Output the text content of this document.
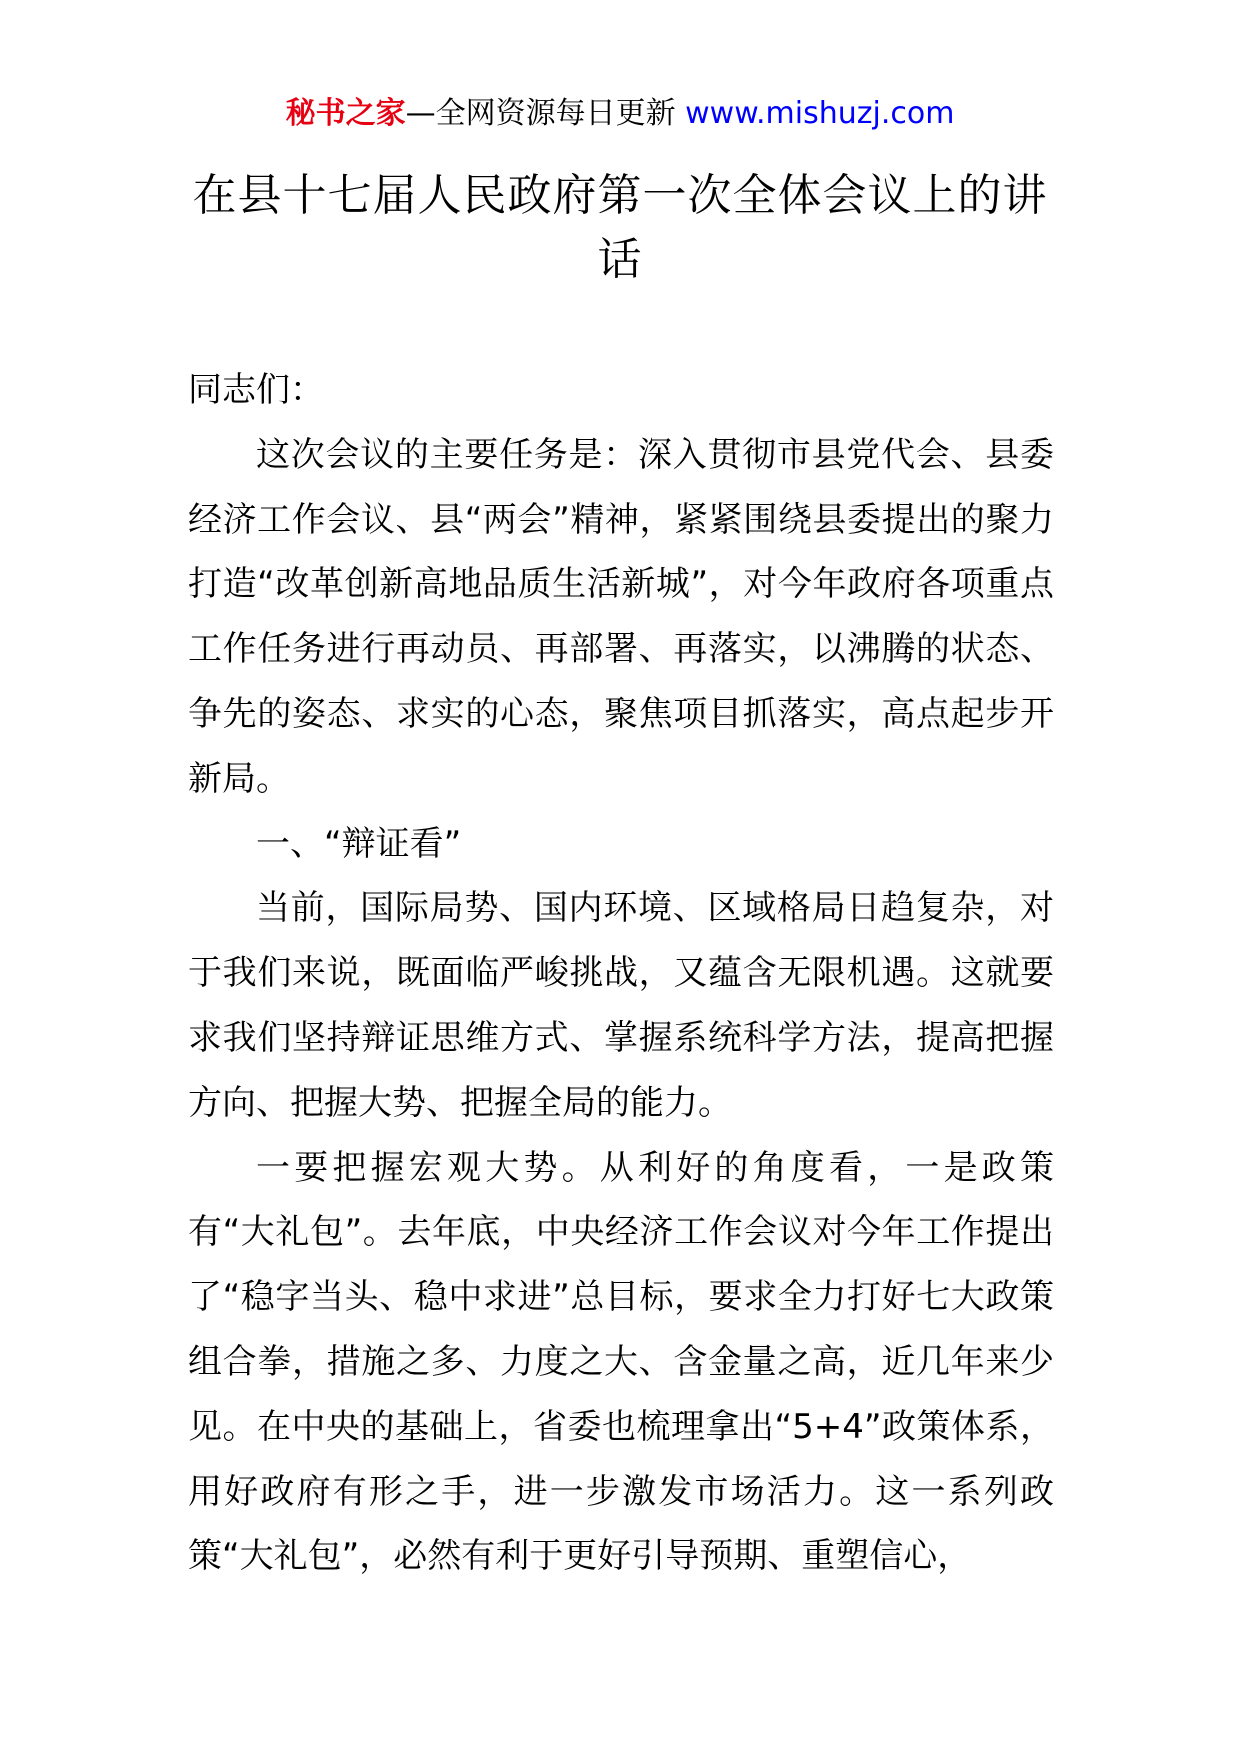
秘书之家—全网资源每日更新 www.mishuzj.com
在县十七届人民政府第一次全体会议上的讲话

同志们：

这次会议的主要任务是：深入贯彻市县党代会、县委经济工作会议、县“两会”精神，紧紧围绕县委提出的聚力打造“改革创新高地品质生活新城”，对今年政府各项重点工作任务进行再动员、再部署、再落实，以沸腾的状态、争先的姿态、求实的心态，聚焦项目抓落实，高点起步开新局。

一、“辩证看”

当前，国际局势、国内环境、区域格局日趋复杂，对于我们来说，既面临严峻挑战，又蕴含无限机遇。这就要求我们坚持辩证思维方式、掌握系统科学方法，提高把握方向、把握大势、把握全局的能力。

一要把握宏观大势。从利好的角度看，一是政策有“大礼包”。去年底，中央经济工作会议对今年工作提出了“稳字当头、稳中求进”总目标，要求全力打好七大政策组合拳，措施之多、力度之大、含金量之高，近几年来少见。在中央的基础上，省委也梳理拿出“5+4”政策体系，用好政府有形之手，进一步激发市场活力。这一系列政策“大礼包”，必然有利于更好引导预期、重塑信心，
